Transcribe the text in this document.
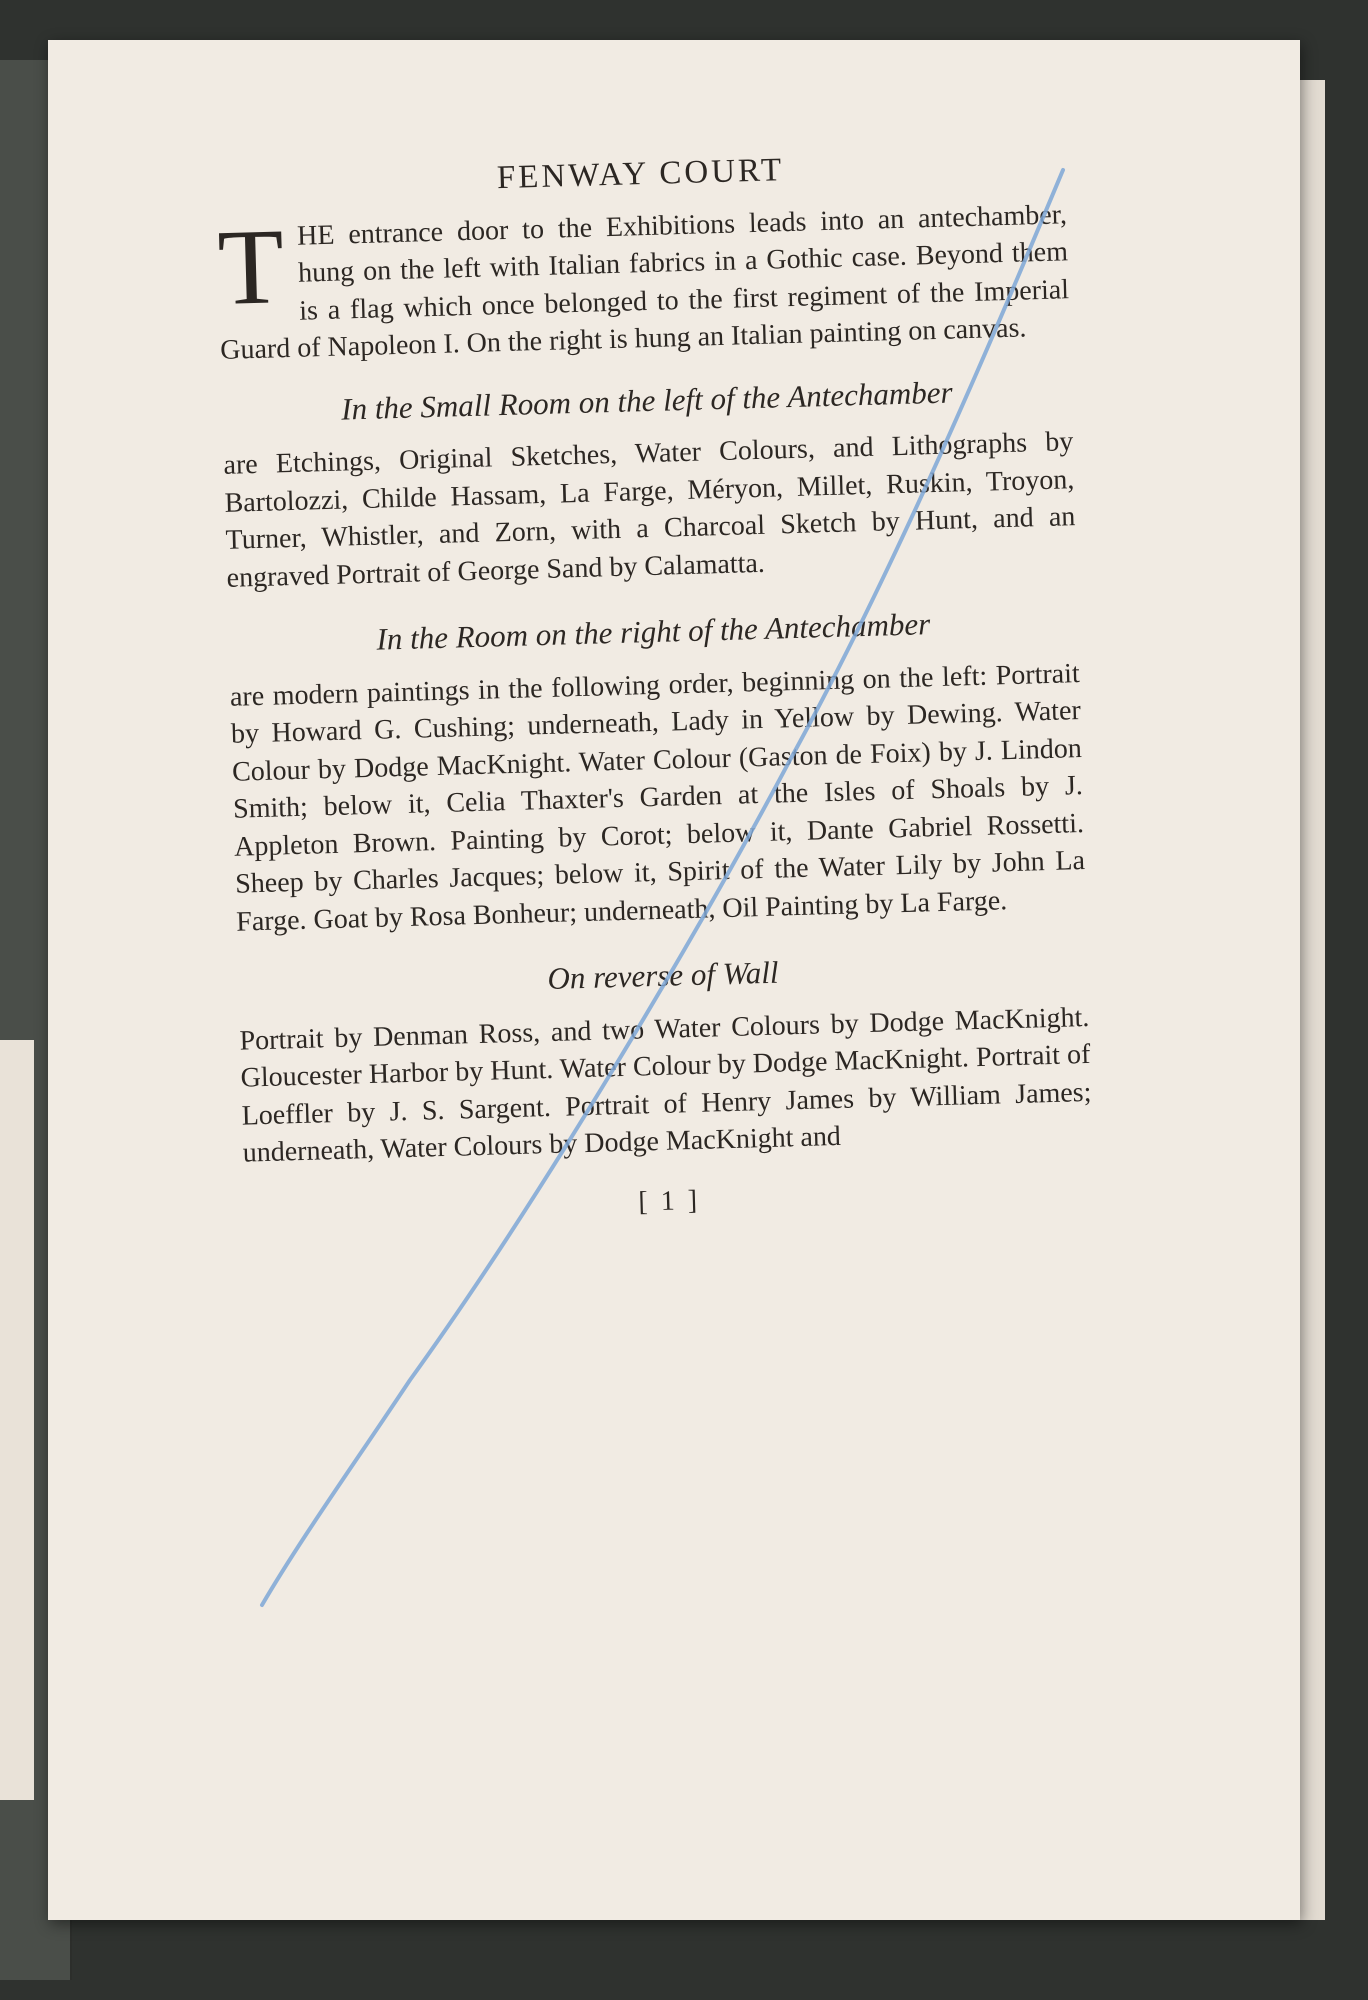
FENWAY COURT

THE entrance door to the Exhibitions leads into an antechamber, hung on the left with Italian fabrics in a Gothic case. Beyond them is a flag which once belonged to the first regiment of the Imperial Guard of Napoleon I. On the right is hung an Italian painting on canvas.

In the Small Room on the left of the Antechamber

are Etchings, Original Sketches, Water Colours, and Lithographs by Bartolozzi, Childe Hassam, La Farge, Méryon, Millet, Ruskin, Troyon, Turner, Whistler, and Zorn, with a Charcoal Sketch by Hunt, and an engraved Portrait of George Sand by Calamatta.

In the Room on the right of the Antechamber

are modern paintings in the following order, beginning on the left: Portrait by Howard G. Cushing; underneath, Lady in Yellow by Dewing. Water Colour by Dodge MacKnight. Water Colour (Gaston de Foix) by J. Lindon Smith; below it, Celia Thaxter's Garden at the Isles of Shoals by J. Appleton Brown. Painting by Corot; below it, Dante Gabriel Rossetti. Sheep by Charles Jacques; below it, Spirit of the Water Lily by John La Farge. Goat by Rosa Bonheur; underneath, Oil Painting by La Farge.

On reverse of Wall

Portrait by Denman Ross, and two Water Colours by Dodge MacKnight. Gloucester Harbor by Hunt. Water Colour by Dodge MacKnight. Portrait of Loeffler by J. S. Sargent. Portrait of Henry James by William James; underneath, Water Colours by Dodge MacKnight and

[ 1 ]
